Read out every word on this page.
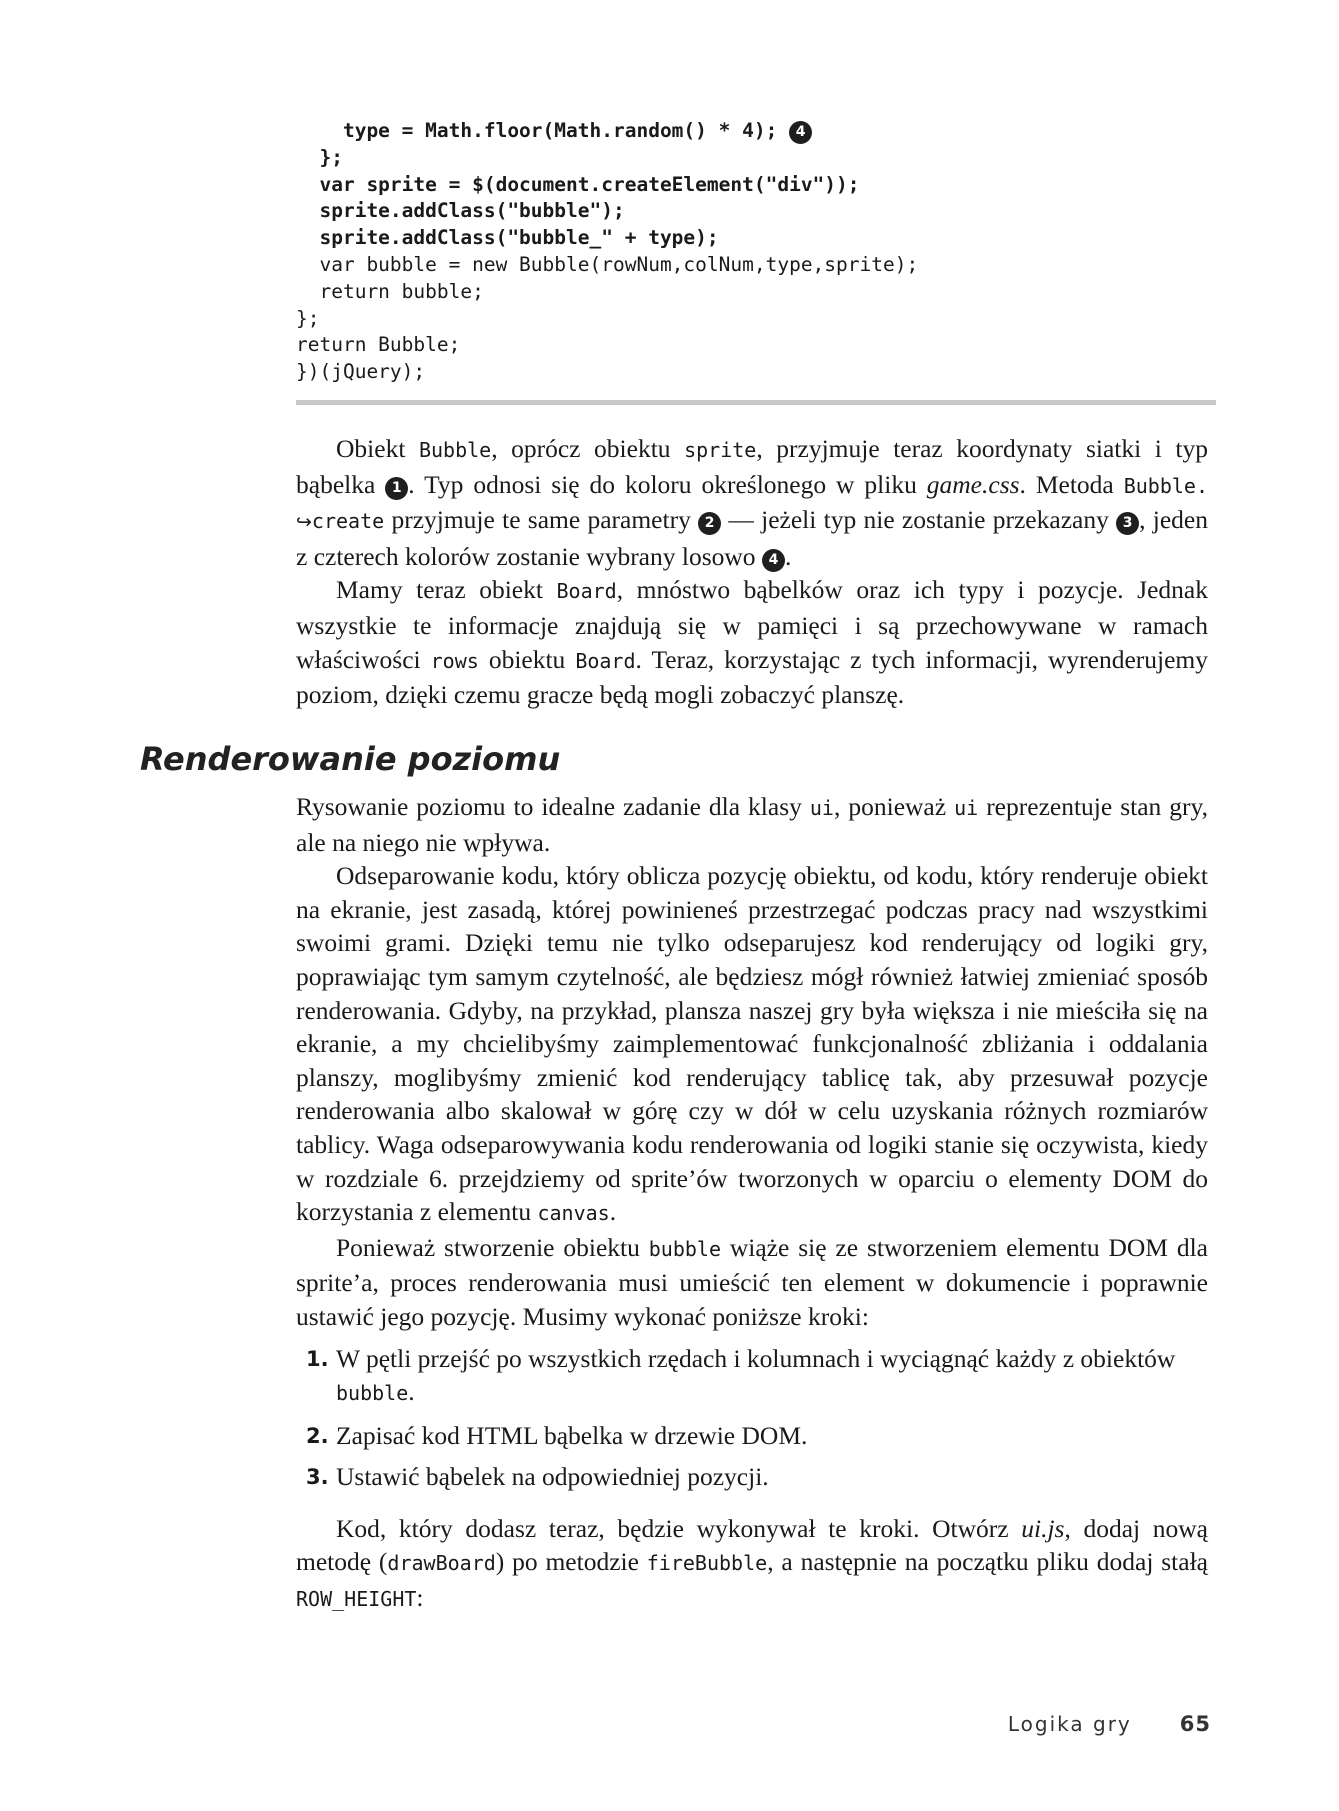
type = Math.floor(Math.random() * 4); 4
};
var sprite = $(document.createElement("div"));
sprite.addClass("bubble");
sprite.addClass("bubble_" + type);
var bubble = new Bubble(rowNum,colNum,type,sprite);
return bubble;
};
return Bubble;
})(jQuery);

Obiekt Bubble, oprócz obiektu sprite, przyjmuje teraz koordynaty siatki i typ bąbelka 1 . Typ odnosi się do koloru określonego w pliku game.css. Metoda Bubble. ↪create przyjmuje te same parametry 2 — jeżeli typ nie zostanie przekazany 3 , jeden z czterech kolorów zostanie wybrany losowo 4 .

Mamy teraz obiekt Board, mnóstwo bąbelków oraz ich typy i pozycje. Jednak wszystkie te informacje znajdują się w pamięci i są przechowywane w ramach właściwości rows obiektu Board. Teraz, korzystając z tych informacji, wyrenderujemy poziom, dzięki czemu gracze będą mogli zobaczyć planszę.

Renderowanie poziomu

Rysowanie poziomu to idealne zadanie dla klasy ui, ponieważ ui reprezentuje stan gry, ale na niego nie wpływa.

Odseparowanie kodu, który oblicza pozycję obiektu, od kodu, który renderuje obiekt na ekranie, jest zasadą, której powinieneś przestrzegać podczas pracy nad wszystkimi swoimi grami. Dzięki temu nie tylko odseparujesz kod renderujący od logiki gry, poprawiając tym samym czytelność, ale będziesz mógł również łatwiej zmieniać sposób renderowania. Gdyby, na przykład, plansza naszej gry była większa i nie mieściła się na ekranie, a my chcielibyśmy zaimplementować funkcjonalność zbliżania i oddalania planszy, moglibyśmy zmienić kod renderujący tablicę tak, aby przesuwał pozycje renderowania albo skalował w górę czy w dół w celu uzyskania różnych rozmiarów tablicy. Waga odseparowywania kodu renderowania od logiki stanie się oczywista, kiedy w rozdziale 6. przejdziemy od sprite’ów tworzonych w oparciu o elementy DOM do korzystania z elementu canvas.

Ponieważ stworzenie obiektu bubble wiąże się ze stworzeniem elementu DOM dla sprite’a, proces renderowania musi umieścić ten element w dokumencie i poprawnie ustawić jego pozycję. Musimy wykonać poniższe kroki:

1. W pętli przejść po wszystkich rzędach i kolumnach i wyciągnąć każdy z obiektów bubble.
2. Zapisać kod HTML bąbelka w drzewie DOM.
3. Ustawić bąbelek na odpowiedniej pozycji.

Kod, który dodasz teraz, będzie wykonywał te kroki. Otwórz ui.js, dodaj nową metodę (drawBoard) po metodzie fireBubble, a następnie na początku pliku dodaj stałą ROW_HEIGHT:

Logika gry 65
